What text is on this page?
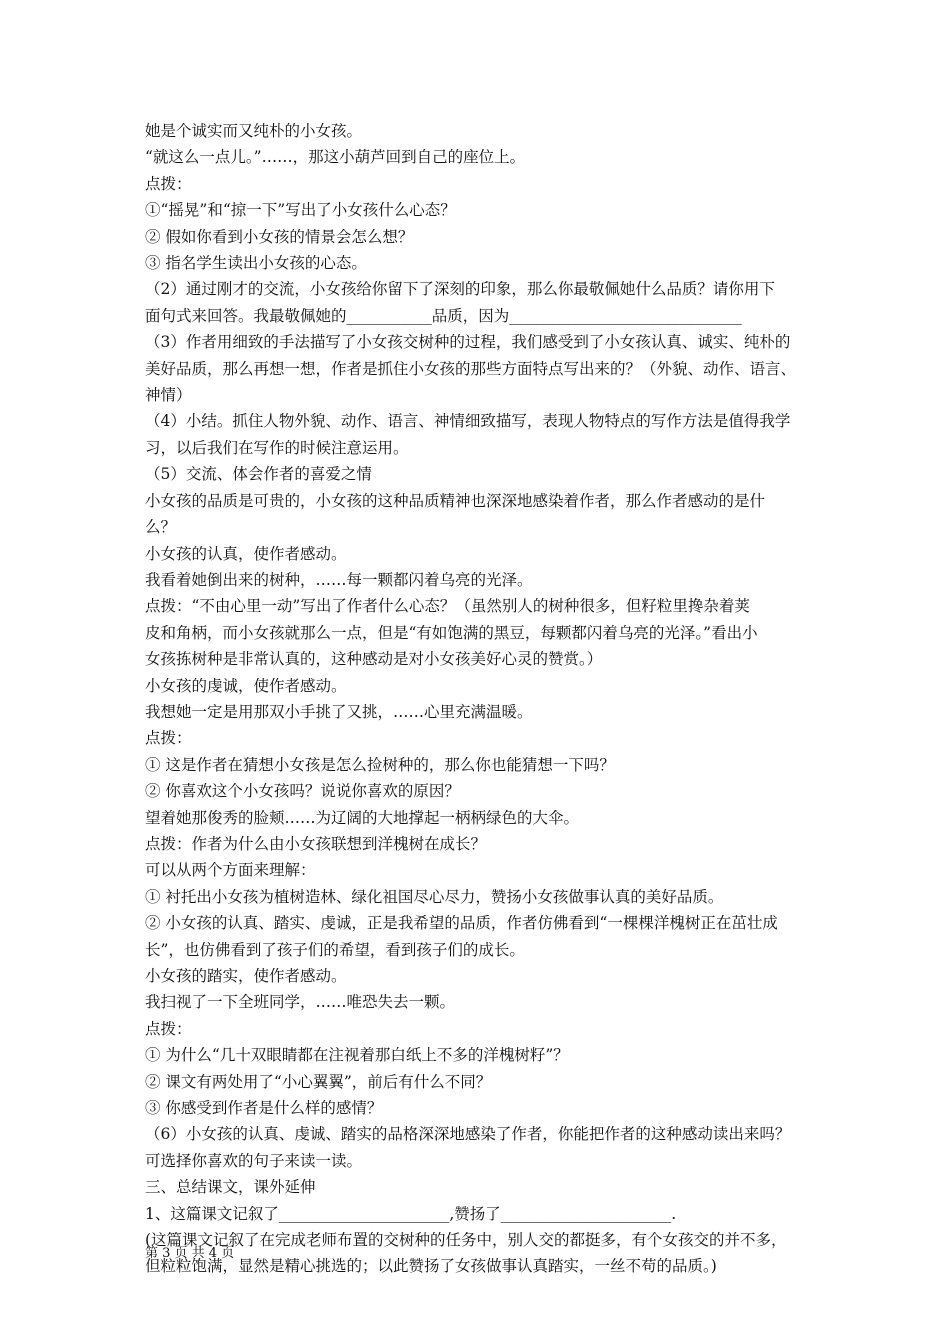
她是个诚实而又纯朴的小女孩。
“就这么一点儿。”……，那这小葫芦回到自己的座位上。
点拨：
①“摇晃”和“掠一下”写出了小女孩什么心态？
② 假如你看到小女孩的情景会怎么想？
③ 指名学生读出小女孩的心态。
（2）通过刚才的交流，小女孩给你留下了深刻的印象，那么你最敬佩她什么品质？请你用下
面句式来回答。我最敬佩她的___________品质，因为______________________________
（3）作者用细致的手法描写了小女孩交树种的过程，我们感受到了小女孩认真、诚实、纯朴的
美好品质，那么再想一想，作者是抓住小女孩的那些方面特点写出来的？（外貌、动作、语言、
神情）
（4）小结。抓住人物外貌、动作、语言、神情细致描写，表现人物特点的写作方法是值得我学
习，以后我们在写作的时候注意运用。
（5）交流、体会作者的喜爱之情
小女孩的品质是可贵的，小女孩的这种品质精神也深深地感染着作者，那么作者感动的是什
么？
小女孩的认真，使作者感动。
我看着她倒出来的树种，……每一颗都闪着乌亮的光泽。
点拨：“不由心里一动”写出了作者什么心态？（虽然别人的树种很多，但籽粒里搀杂着荚
皮和角柄，而小女孩就那么一点，但是“有如饱满的黑豆，每颗都闪着乌亮的光泽。”看出小
女孩拣树种是非常认真的，这种感动是对小女孩美好心灵的赞赏。）
小女孩的虔诚，使作者感动。
我想她一定是用那双小手挑了又挑，……心里充满温暖。
点拨：
① 这是作者在猜想小女孩是怎么捡树种的，那么你也能猜想一下吗？
② 你喜欢这个小女孩吗？说说你喜欢的原因？
望着她那俊秀的脸颊……为辽阔的大地撑起一柄柄绿色的大伞。
点拨：作者为什么由小女孩联想到洋槐树在成长？
可以从两个方面来理解：
① 衬托出小女孩为植树造林、绿化祖国尽心尽力，赞扬小女孩做事认真的美好品质。
② 小女孩的认真、踏实、虔诚，正是我希望的品质，作者仿佛看到“一棵棵洋槐树正在茁壮成
长”，也仿佛看到了孩子们的希望，看到孩子们的成长。
小女孩的踏实，使作者感动。
我扫视了一下全班同学，……唯恐失去一颗。
点拨：
① 为什么“几十双眼睛都在注视着那白纸上不多的洋槐树籽”？
② 课文有两处用了“小心翼翼”，前后有什么不同？
③ 你感受到作者是什么样的感情？
（6）小女孩的认真、虔诚、踏实的品格深深地感染了作者，你能把作者的这种感动读出来吗？
可选择你喜欢的句子来读一读。
三、总结课文，课外延伸
1、这篇课文记叙了______________________,赞扬了______________________.
(这篇课文记叙了在完成老师布置的交树种的任务中，别人交的都挺多，有个女孩交的并不多，
但粒粒饱满，显然是精心挑选的；以此赞扬了女孩做事认真踏实，一丝不苟的品质。)
第 3 页 共 4 页
